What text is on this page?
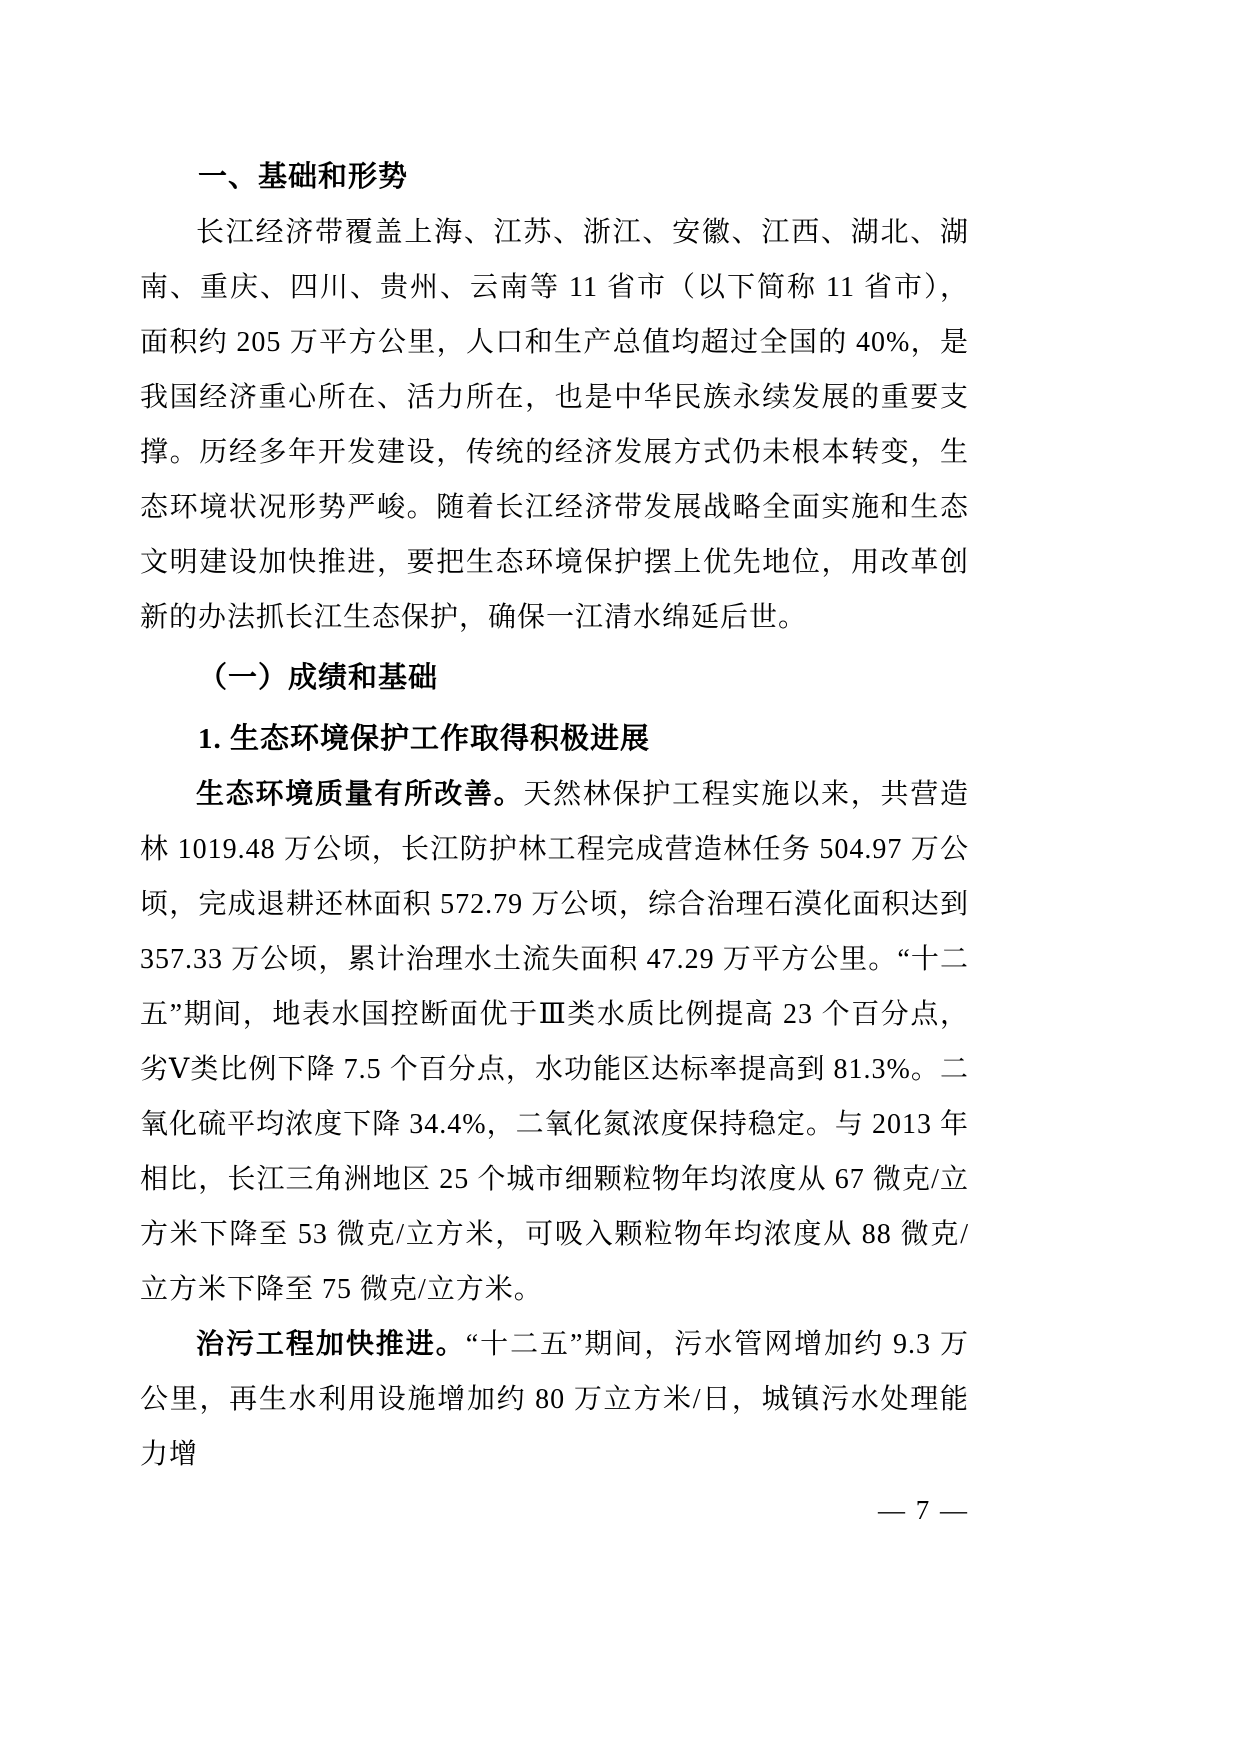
一、基础和形势

长江经济带覆盖上海、江苏、浙江、安徽、江西、湖北、湖南、重庆、四川、贵州、云南等 11 省市（以下简称 11 省市），面积约 205 万平方公里，人口和生产总值均超过全国的 40%，是我国经济重心所在、活力所在，也是中华民族永续发展的重要支撑。历经多年开发建设，传统的经济发展方式仍未根本转变，生态环境状况形势严峻。随着长江经济带发展战略全面实施和生态文明建设加快推进，要把生态环境保护摆上优先地位，用改革创新的办法抓长江生态保护，确保一江清水绵延后世。

（一）成绩和基础
1. 生态环境保护工作取得积极进展

生态环境质量有所改善。天然林保护工程实施以来，共营造林 1019.48 万公顷，长江防护林工程完成营造林任务 504.97 万公顷，完成退耕还林面积 572.79 万公顷，综合治理石漠化面积达到 357.33 万公顷，累计治理水土流失面积 47.29 万平方公里。“十二五”期间，地表水国控断面优于Ⅲ类水质比例提高 23 个百分点，劣Ⅴ类比例下降 7.5 个百分点，水功能区达标率提高到 81.3%。二氧化硫平均浓度下降 34.4%，二氧化氮浓度保持稳定。与 2013 年相比，长江三角洲地区 25 个城市细颗粒物年均浓度从 67 微克/立方米下降至 53 微克/立方米，可吸入颗粒物年均浓度从 88 微克/立方米下降至 75 微克/立方米。

治污工程加快推进。“十二五”期间，污水管网增加约 9.3 万公里，再生水利用设施增加约 80 万立方米/日，城镇污水处理能力增

— 7 —
